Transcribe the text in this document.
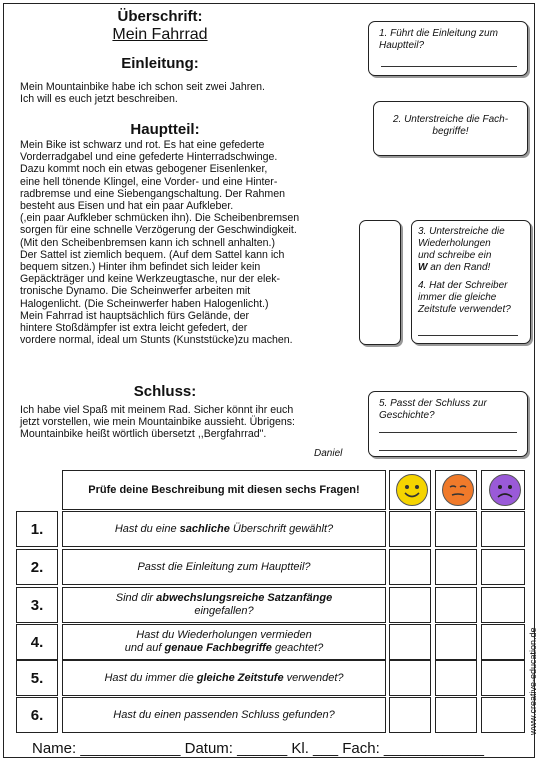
Überschrift:
Mein Fahrrad
Einleitung:
Mein Mountainbike habe ich schon seit zwei Jahren.
Ich will es euch jetzt beschreiben.
Hauptteil:
Mein Bike ist schwarz und rot. Es hat eine gefederte
Vorderradgabel und eine gefederte Hinterradschwinge.
Dazu kommt noch ein etwas gebogener Eisenlenker,
eine hell tönende Klingel, eine Vorder- und eine Hinter-
radbremse und eine Siebengangschaltung. Der Rahmen
besteht aus Eisen und hat ein paar Aufkleber.
(,ein paar Aufkleber schmücken ihn). Die Scheibenbremsen
sorgen für eine schnelle Verzögerung der Geschwindigkeit.
(Mit den Scheibenbremsen kann ich schnell anhalten.)
Der Sattel ist ziemlich bequem. (Auf dem Sattel kann ich
bequem sitzen.) Hinter ihm befindet sich leider kein
Gepäckträger und keine Werkzeugtasche, nur der elek-
tronische Dynamo. Die Scheinwerfer arbeiten mit
Halogenlicht. (Die Scheinwerfer haben Halogenlicht.)
Mein Fahrrad ist hauptsächlich fürs Gelände, der
hintere Stoßdämpfer ist extra leicht gefedert, der
vordere normal, ideal um Stunts (Kunststücke)zu machen.
Schluss:
Ich habe viel Spaß mit meinem Rad. Sicher könnt ihr euch
jetzt vorstellen, wie mein Mountainbike aussieht. Übrigens:
Mountainbike heißt wörtlich übersetzt ,,Bergfahrrad".
Daniel
1. Führt die Einleitung zum
Hauptteil?
2. Unterstreiche die Fach-
begriffe!
3. Unterstreiche die
Wiederholungen
und schreibe ein
W an den Rand!
4. Hat der Schreiber
immer die gleiche
Zeitstufe verwendet?
5. Passt der Schluss zur
Geschichte?
Prüfe deine Beschreibung mit diesen sechs Fragen!
1.	Hast du eine sachliche Überschrift gewählt?
2.	Passt die Einleitung zum Hauptteil?
3.	Sind dir abwechslungsreiche Satzanfänge
eingefallen?
4.	Hast du Wiederholungen vermieden
und auf genaue Fachbegriffe geachtet?
5.	Hast du immer die gleiche Zeitstufe verwendet?
6.	Hast du einen passenden Schluss gefunden?	www.creative-education.de
Name: ____________ Datum: ______ Kl. ___ Fach: ____________
